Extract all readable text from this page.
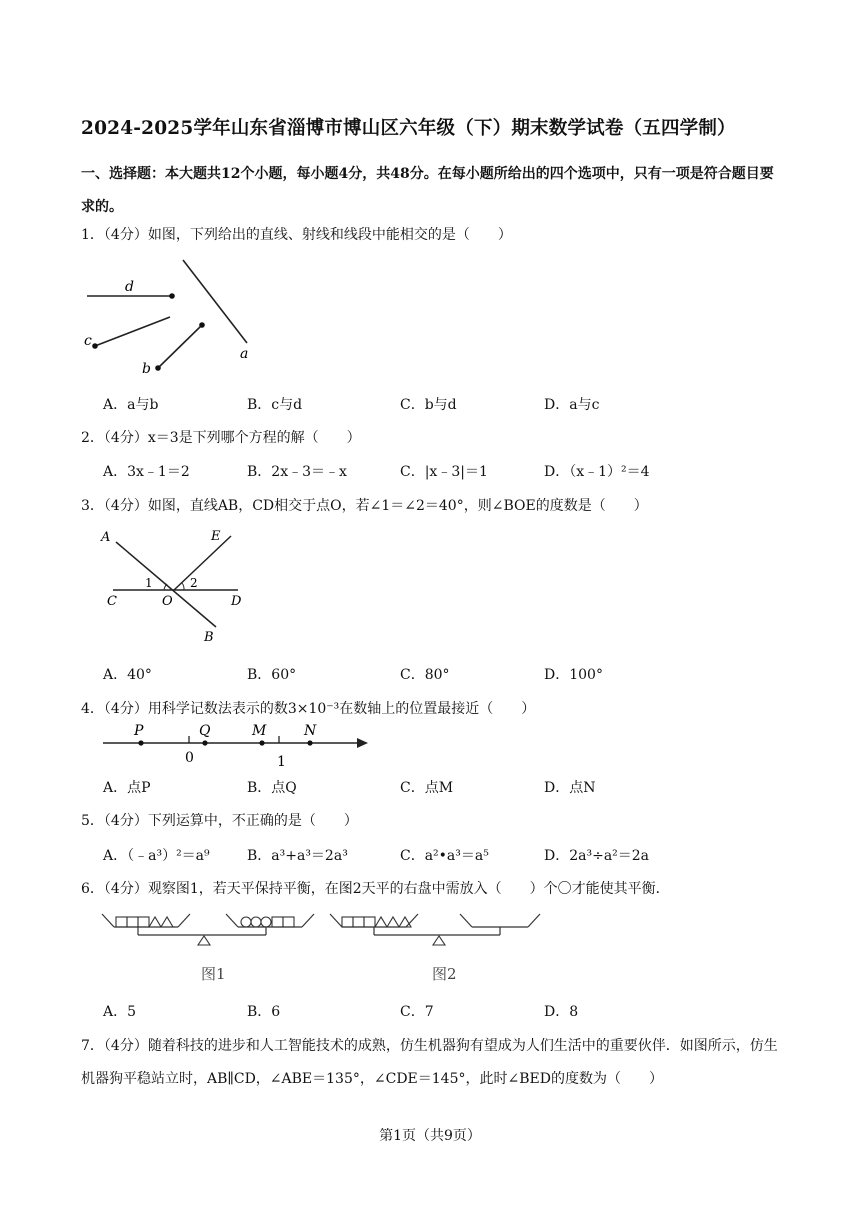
2024-2025学年山东省淄博市博山区六年级（下）期末数学试卷（五四学制）
一、选择题：本大题共12个小题，每小题4分，共48分。在每小题所给出的四个选项中，只有一项是符合题目要求的。
1．（4分）如图，下列给出的直线、射线和线段中能相交的是（　　）
d
c
b
a
A．a与b	B．c与d	C．b与d	D．a与c
2．（4分）x＝3是下列哪个方程的解（　　）
A．3x﹣1＝2	B．2x﹣3＝﹣x	C．|x﹣3|＝1	D．（x﹣1）²＝4
3．（4分）如图，直线AB，CD相交于点O，若∠1＝∠2＝40°，则∠BOE的度数是（　　）
A	E
1	2
C	O	D
B
A．40°	B．60°	C．80°	D．100°
4．（4分）用科学记数法表示的数3×10⁻³在数轴上的位置最接近（　　）
P	Q	M	N
0	1
A．点P	B．点Q	C．点M	D．点N
5．（4分）下列运算中，不正确的是（　　）
A．（﹣a³）²＝a⁹	B．a³+a³＝2a³	C．a²•a³＝a⁵	D．2a³÷a²＝2a
6．（4分）观察图1，若天平保持平衡，在图2天平的右盘中需放入（　　）个〇才能使其平衡．
图1	图2
A．5	B．6	C．7	D．8
7．（4分）随着科技的进步和人工智能技术的成熟，仿生机器狗有望成为人们生活中的重要伙伴．如图所示，仿生机器狗平稳站立时，AB∥CD，∠ABE＝135°，∠CDE＝145°，此时∠BED的度数为（　　）
第1页（共9页）
